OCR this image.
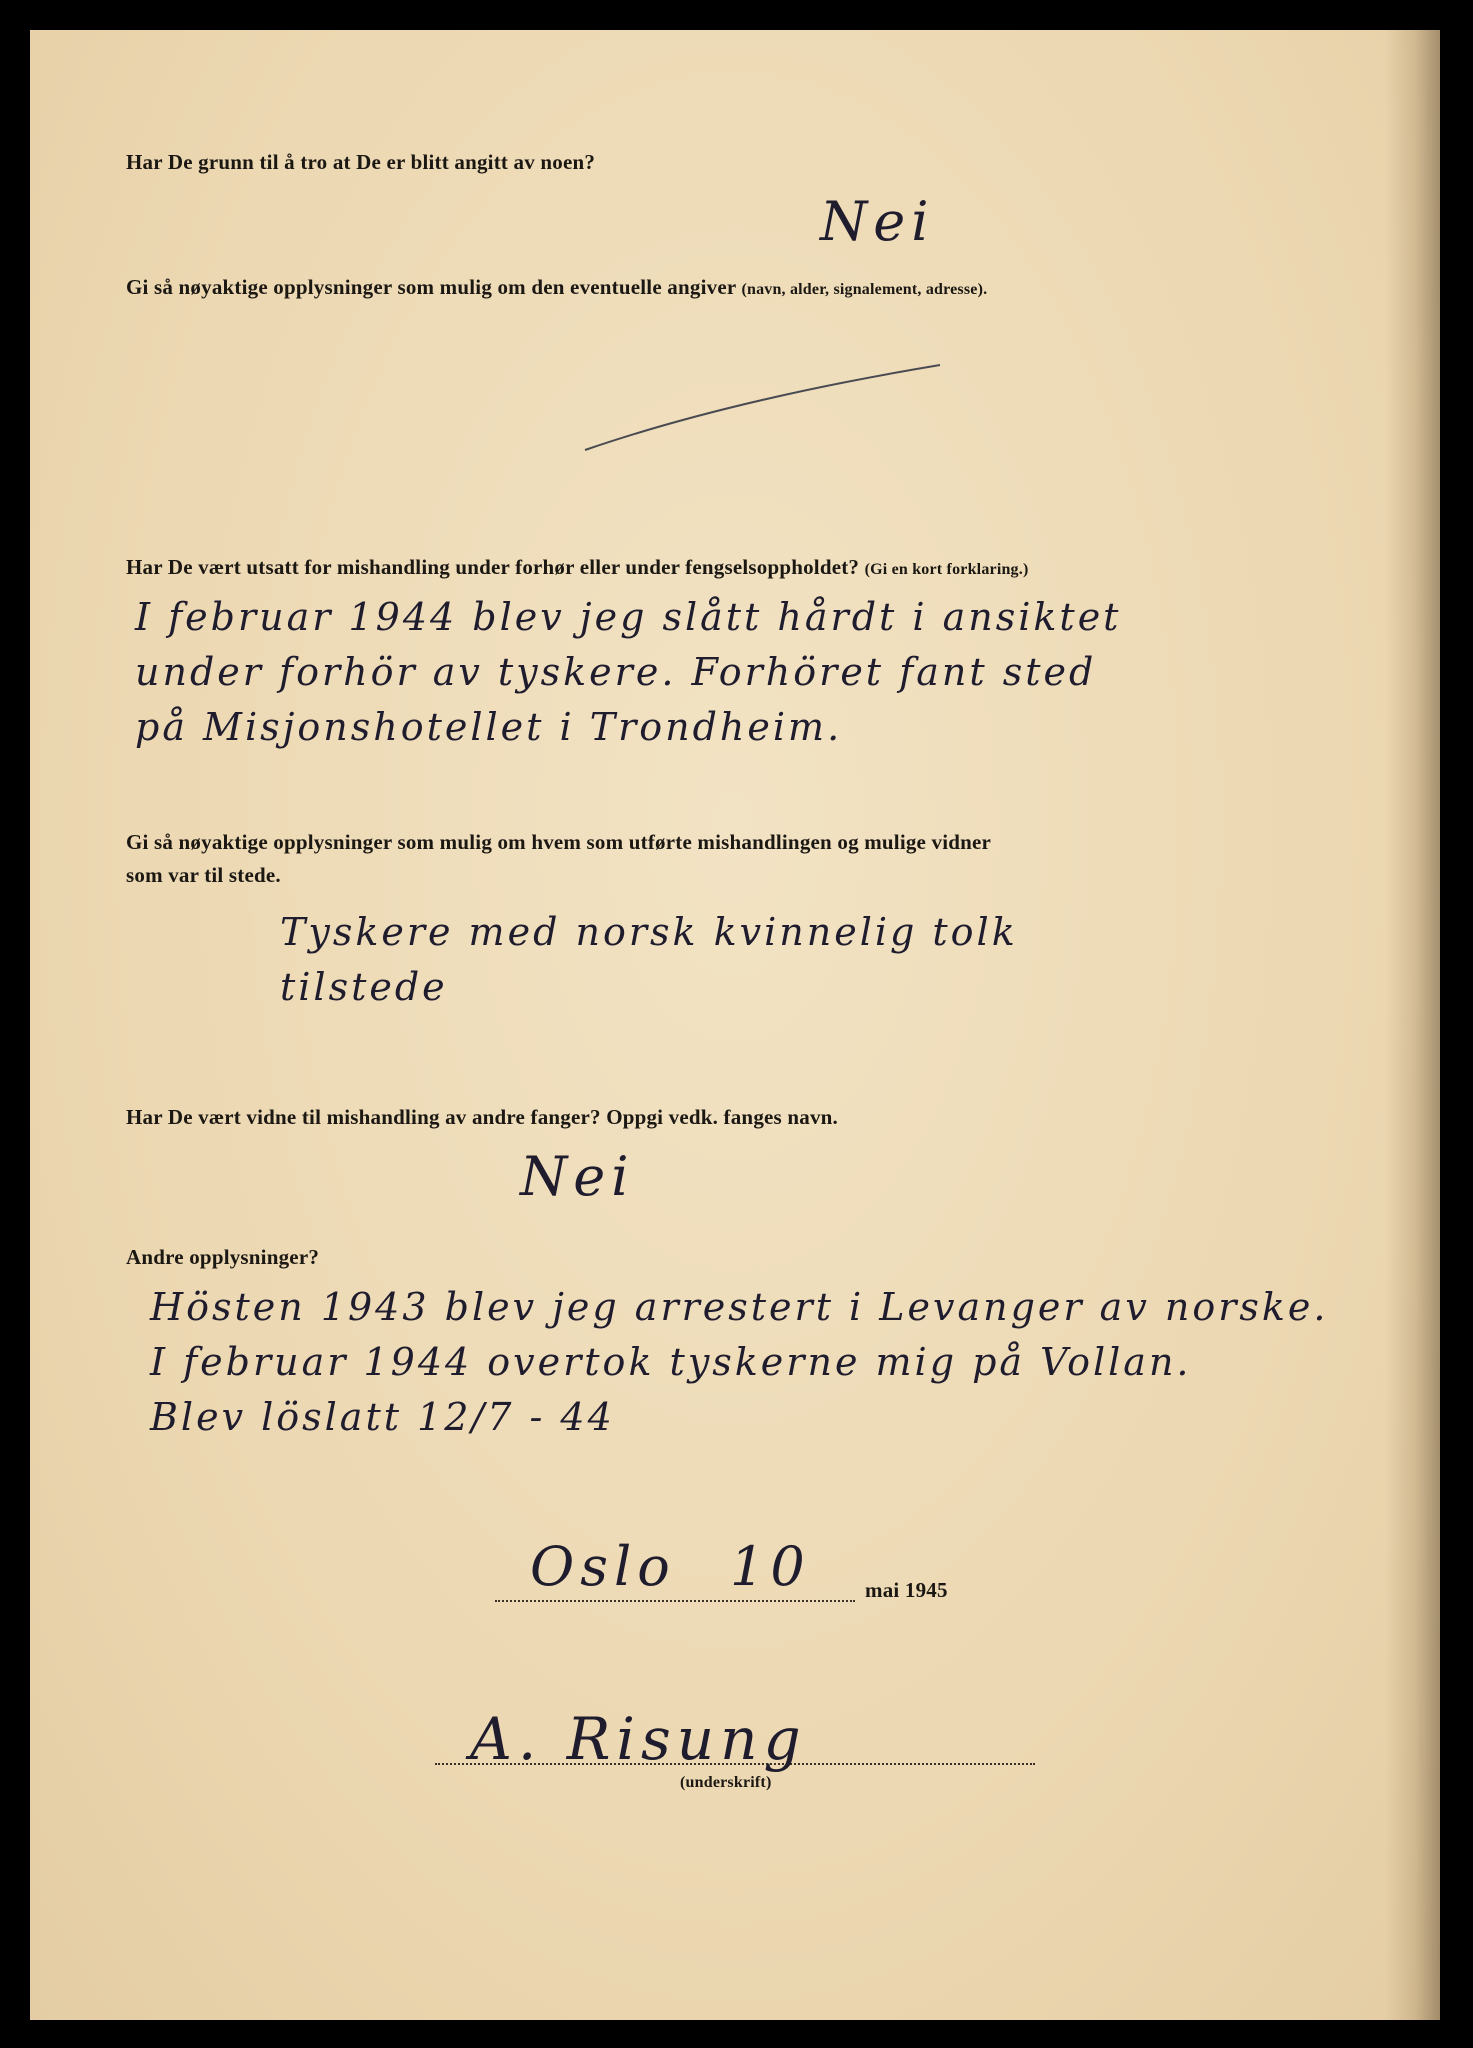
Har De grunn til å tro at De er blitt angitt av noen?

Nei

Gi så nøyaktige opplysninger som mulig om den eventuelle angiver (navn, alder, signalement, adresse).

Har De vært utsatt for mishandling under forhør eller under fengselsoppholdet? (Gi en kort forklaring.)

I februar 1944 blev jeg slått hårdt i ansiktet

under forhör av tyskere. Forhöret fant sted

på Misjonshotellet i Trondheim.

Gi så nøyaktige opplysninger som mulig om hvem som utførte mishandlingen og mulige vidner

som var til stede.

Tyskere med norsk kvinnelig tolk

tilstede

Har De vært vidne til mishandling av andre fanger? Oppgi vedk. fanges navn.

Nei

Andre opplysninger?

Hösten 1943 blev jeg arrestert i Levanger av norske.

I februar 1944 overtok tyskerne mig på Vollan.

Blev löslatt 12/7 - 44

Oslo 10	mai 1945

A. Risung

(underskrift)
